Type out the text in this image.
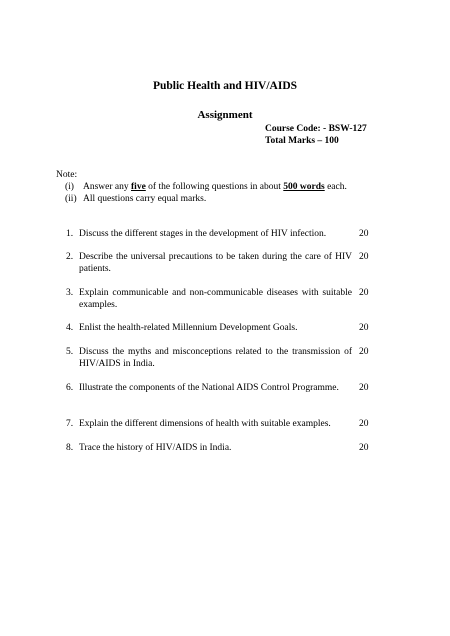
Public Health and HIV/AIDS
Assignment
Course Code: - BSW-127
Total Marks – 100
Note:
(i) Answer any five of the following questions in about 500 words each.
(ii) All questions carry equal marks.
1. Discuss the different stages in the development of HIV infection.	20
2. Describe the universal precautions to be taken during the care of HIV patients.
20
3. Explain communicable and non-communicable diseases with suitable examples.
20
4. Enlist the health-related Millennium Development Goals.	20
5. Discuss the myths and misconceptions related to the transmission of HIV/AIDS in India.
20
6. Illustrate the components of the National AIDS Control Programme.	20
7. Explain the different dimensions of health with suitable examples.	20
8. Trace the history of HIV/AIDS in India.	20
